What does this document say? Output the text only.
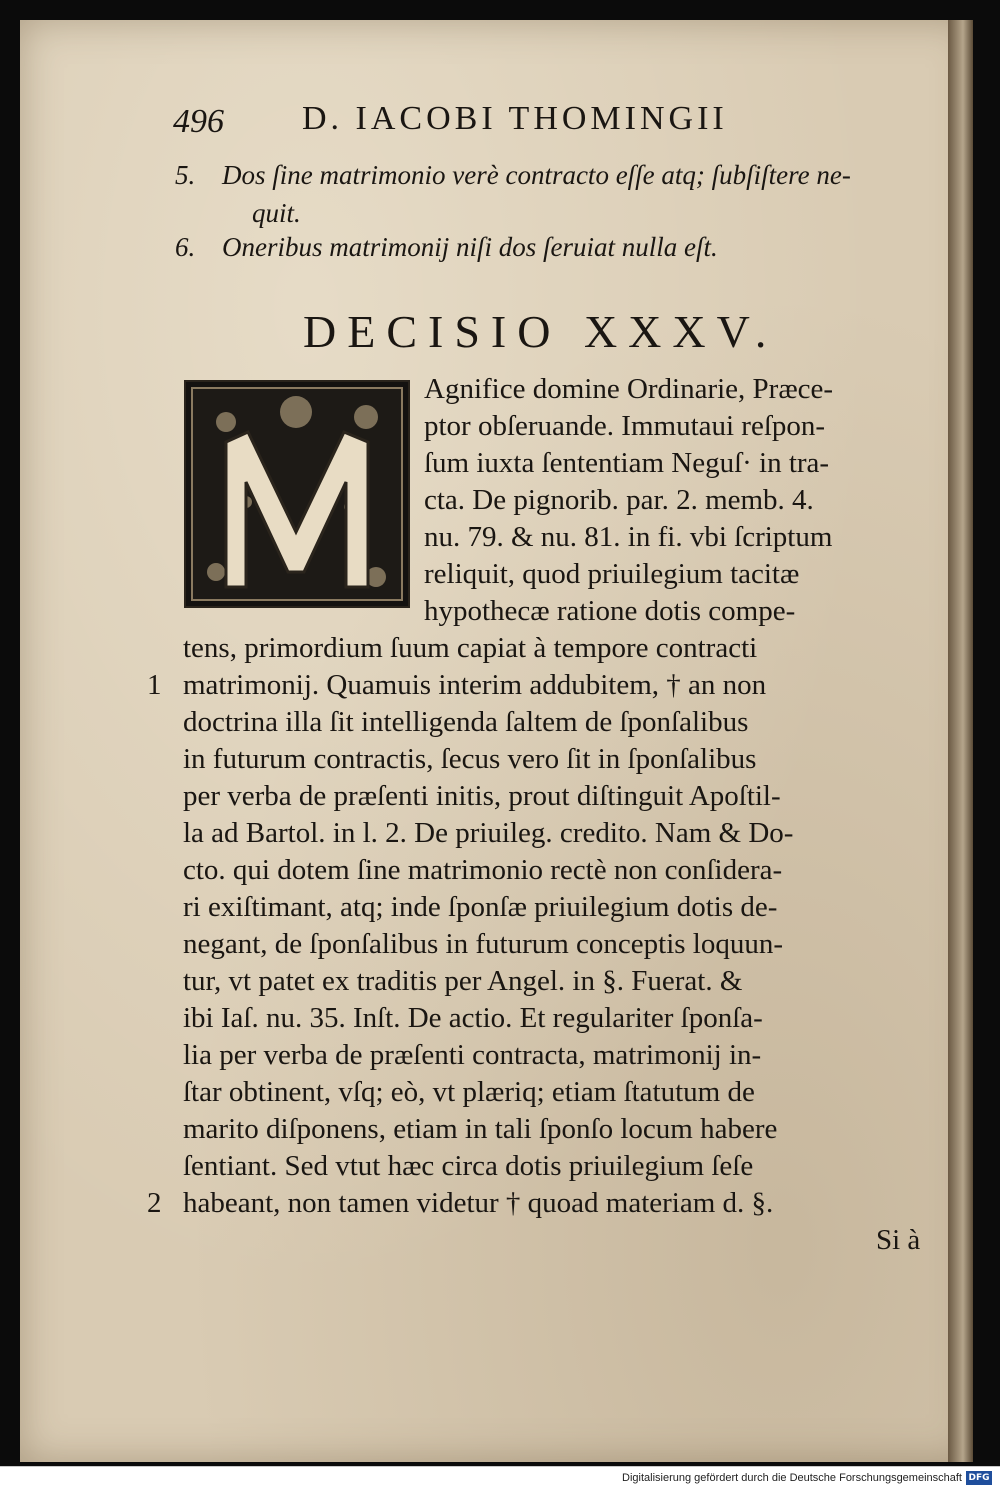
496 D. IACOBI THOMINGII
5. Dos ſine matrimonio verè contracto eſſe atq; ſubſiſtere ne-
quit.
6. Oneribus matrimonij niſi dos ſeruiat nulla eſt.
DECISIO XXXV.
Agnifice domine Ordinarie, Præce-
ptor obſeruande. Immutaui reſpon-
ſum iuxta ſententiam Neguſ· in tra-
cta. De pignorib. par. 2. memb. 4.
nu. 79. & nu. 81. in fi. vbi ſcriptum
reliquit, quod priuilegium tacitæ
hypothecæ ratione dotis compe-
tens, primordium ſuum capiat à tempore contracti
1 matrimonij. Quamuis interim addubitem, † an non
doctrina illa ſit intelligenda ſaltem de ſponſalibus
in futurum contractis, ſecus vero ſit in ſponſalibus
per verba de præſenti initis, prout diſtinguit Apoſtil-
la ad Bartol. in l. 2. De priuileg. credito. Nam & Do-
cto. qui dotem ſine matrimonio rectè non conſidera-
ri exiſtimant, atq; inde ſponſæ priuilegium dotis de-
negant, de ſponſalibus in futurum conceptis loquun-
tur, vt patet ex traditis per Angel. in §. Fuerat. &
ibi Iaſ. nu. 35. Inſt. De actio. Et regulariter ſponſa-
lia per verba de præſenti contracta, matrimonij in-
ſtar obtinent, vſq; eò, vt plæriq; etiam ſtatutum de
marito diſponens, etiam in tali ſponſo locum habere
ſentiant. Sed vtut hæc circa dotis priuilegium ſeſe
2 habeant, non tamen videtur † quoad materiam d. §.
Si à
Digitalisierung gefördert durch die Deutsche Forschungsgemeinschaft DFG
